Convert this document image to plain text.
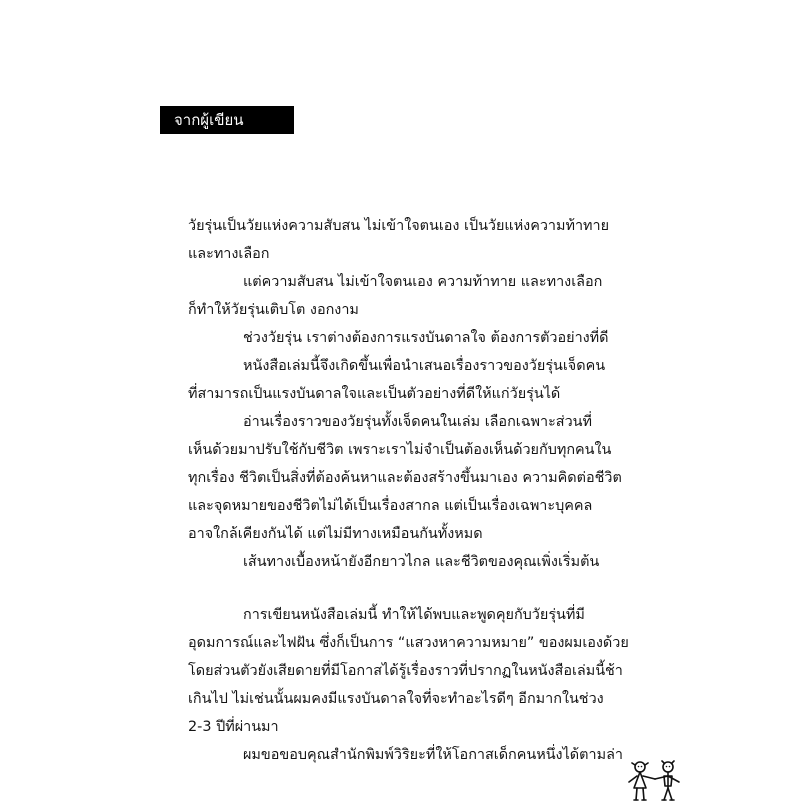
จากผู้เขียน
วัยรุ่นเป็นวัยแห่งความสับสน ไม่เข้าใจตนเอง เป็นวัยแห่งความท้าทาย
และทางเลือก
แต่ความสับสน ไม่เข้าใจตนเอง ความท้าทาย และทางเลือก
ก็ทำให้วัยรุ่นเติบโต งอกงาม
ช่วงวัยรุ่น เราต่างต้องการแรงบันดาลใจ ต้องการตัวอย่างที่ดี
หนังสือเล่มนี้จึงเกิดขึ้นเพื่อนำเสนอเรื่องราวของวัยรุ่นเจ็ดคน
ที่สามารถเป็นแรงบันดาลใจและเป็นตัวอย่างที่ดีให้แก่วัยรุ่นได้
อ่านเรื่องราวของวัยรุ่นทั้งเจ็ดคนในเล่ม เลือกเฉพาะส่วนที่
เห็นด้วยมาปรับใช้กับชีวิต เพราะเราไม่จำเป็นต้องเห็นด้วยกับทุกคนใน
ทุกเรื่อง ชีวิตเป็นสิ่งที่ต้องค้นหาและต้องสร้างขึ้นมาเอง ความคิดต่อชีวิต
และจุดหมายของชีวิตไม่ได้เป็นเรื่องสากล แต่เป็นเรื่องเฉพาะบุคคล
อาจใกล้เคียงกันได้ แต่ไม่มีทางเหมือนกันทั้งหมด
เส้นทางเบื้องหน้ายังอีกยาวไกล และชีวิตของคุณเพิ่งเริ่มต้น
การเขียนหนังสือเล่มนี้ ทำให้ได้พบและพูดคุยกับวัยรุ่นที่มี
อุดมการณ์และไฟฝัน ซึ่งก็เป็นการ “แสวงหาความหมาย” ของผมเองด้วย
โดยส่วนตัวยังเสียดายที่มีโอกาสได้รู้เรื่องราวที่ปรากฏในหนังสือเล่มนี้ช้า
เกินไป ไม่เช่นนั้นผมคงมีแรงบันดาลใจที่จะทำอะไรดีๆ อีกมากในช่วง
2-3 ปีที่ผ่านมา
ผมขอขอบคุณสำนักพิมพ์วิริยะที่ให้โอกาสเด็กคนหนึ่งได้ตามล่า
